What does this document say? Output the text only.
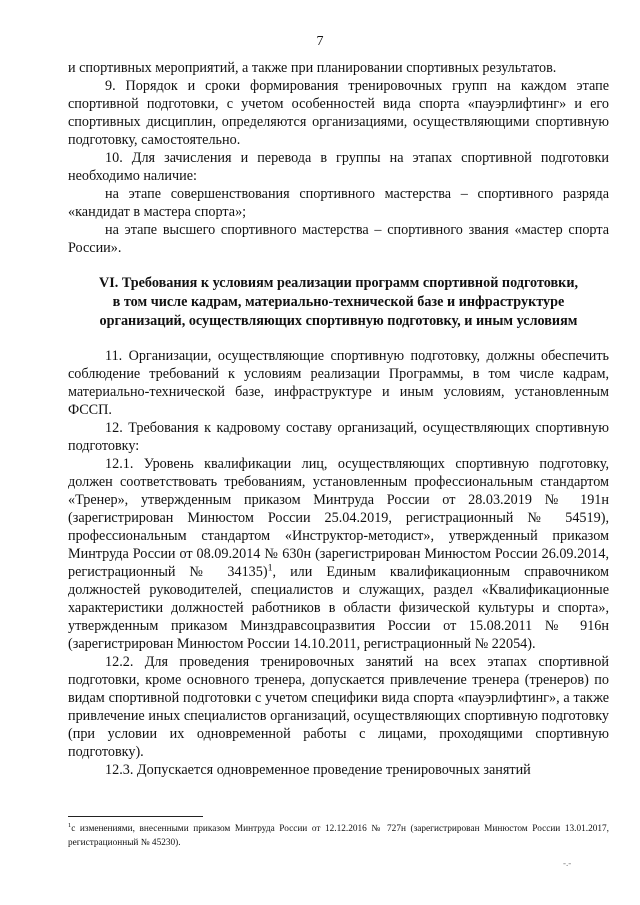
7

и спортивных мероприятий, а также при планировании спортивных результатов.

9. Порядок и сроки формирования тренировочных групп на каждом этапе спортивной подготовки, с учетом особенностей вида спорта «пауэрлифтинг» и его спортивных дисциплин, определяются организациями, осуществляющими спортивную подготовку, самостоятельно.

10. Для зачисления и перевода в группы на этапах спортивной подготовки необходимо наличие:

на этапе совершенствования спортивного мастерства – спортивного разряда «кандидат в мастера спорта»;

на этапе высшего спортивного мастерства – спортивного звания «мастер спорта России».

VI. Требования к условиям реализации программ спортивной подготовки,
в том числе кадрам, материально-технической базе и инфраструктуре
организаций, осуществляющих спортивную подготовку, и иным условиям

11. Организации, осуществляющие спортивную подготовку, должны обеспечить соблюдение требований к условиям реализации Программы, в том числе кадрам, материально-технической базе, инфраструктуре и иным условиям, установленным ФССП.

12. Требования к кадровому составу организаций, осуществляющих спортивную подготовку:

12.1. Уровень квалификации лиц, осуществляющих спортивную подготовку, должен соответствовать требованиям, установленным профессиональным стандартом «Тренер», утвержденным приказом Минтруда России от 28.03.2019 № 191н (зарегистрирован Минюстом России 25.04.2019, регистрационный № 54519), профессиональным стандартом «Инструктор-методист», утвержденный приказом Минтруда России от 08.09.2014 № 630н (зарегистрирован Минюстом России 26.09.2014, регистрационный № 34135)$^1$, или Единым квалификационным справочником должностей руководителей, специалистов и служащих, раздел «Квалификационные характеристики должностей работников в области физической культуры и спорта», утвержденным приказом Минздравсоцразвития России от 15.08.2011 № 916н (зарегистрирован Минюстом России 14.10.2011, регистрационный № 22054).

12.2. Для проведения тренировочных занятий на всех этапах спортивной подготовки, кроме основного тренера, допускается привлечение тренера (тренеров) по видам спортивной подготовки с учетом специфики вида спорта «пауэрлифтинг», а также привлечение иных специалистов организаций, осуществляющих спортивную подготовку (при условии их одновременной работы с лицами, проходящими спортивную подготовку).

12.3. Допускается одновременное проведение тренировочных занятий

$^1$с изменениями, внесенными приказом Минтруда России от 12.12.2016 № 727н (зарегистрирован Минюстом России 13.01.2017, регистрационный № 45230).
-.-
